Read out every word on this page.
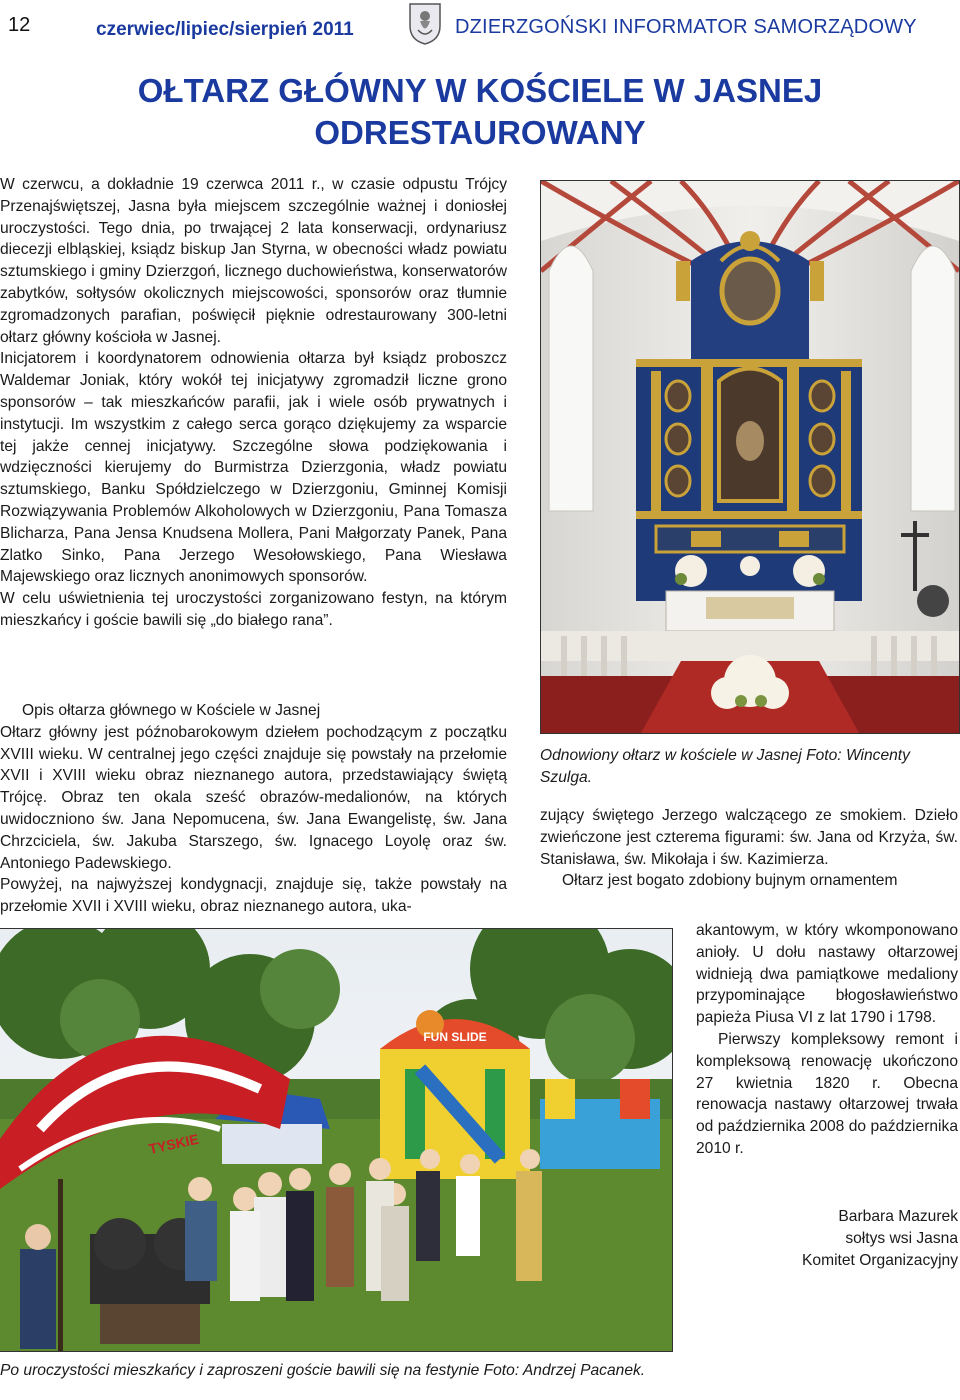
12	czerwiec/lipiec/sierpień 2011	DZIERZGOŃSKI INFORMATOR SAMORZĄDOWY
OŁTARZ GŁÓWNY W KOŚCIELE W JASNEJ
ODRESTAUROWANY

W czerwcu, a dokładnie 19 czerwca 2011 r., w czasie odpustu Trójcy Przenajświętszej, Jasna była miejscem szczególnie ważnej i doniosłej uroczystości. Tego dnia, po trwającej 2 lata konserwacji, ordynariusz diecezji elbląskiej, ksiądz biskup Jan Styrna, w obecności władz powiatu sztumskiego i gminy Dzierzgoń, licznego duchowieństwa, konserwatorów zabytków, sołtysów okolicznych miejscowości, sponsorów oraz tłumnie zgromadzonych parafian, poświęcił pięknie odrestaurowany 300-letni ołtarz główny kościoła w Jasnej.

Inicjatorem i koordynatorem odnowienia ołtarza był ksiądz proboszcz Waldemar Joniak, który wokół tej inicjatywy zgromadził liczne grono sponsorów – tak mieszkańców parafii, jak i wiele osób prywatnych i instytucji. Im wszystkim z całego serca gorąco dziękujemy za wsparcie tej jakże cennej inicjatywy. Szczególne słowa podziękowania i wdzięczności kierujemy do Burmistrza Dzierzgonia, władz powiatu sztumskiego, Banku Spółdzielczego w Dzierzgoniu, Gminnej Komisji Rozwiązywania Problemów Alkoholowych w Dzierzgoniu, Pana Tomasza Blicharza, Pana Jensa Knudsena Mollera, Pani Małgorzaty Panek, Pana Zlatko Sinko, Pana Jerzego Wesołowskiego, Pana Wiesława Majewskiego oraz licznych anonimowych sponsorów.

W celu uświetnienia tej uroczystości zorganizowano festyn, na którym mieszkańcy i goście bawili się „do białego rana”.

Opis ołtarza głównego w Kościele w Jasnej

Ołtarz główny jest późnobarokowym dziełem pochodzącym z początku XVIII wieku. W centralnej jego części znajduje się powstały na przełomie XVII i XVIII wieku obraz nieznanego autora, przedstawiający świętą Trójcę. Obraz ten okala sześć obrazów-medalionów, na których uwidoczniono św. Jana Nepomucena, św. Jana Ewangelistę, św. Jana Chrzciciela, św. Jakuba Starszego, św. Ignacego Loyolę oraz św. Antoniego Padewskiego.

Powyżej, na najwyższej kondygnacji, znajduje się, także powstały na przełomie XVII i XVIII wieku, obraz nieznanego autora, uka-

Odnowiony ołtarz w kościele w Jasnej Foto: Wincenty Szulga.

zujący świętego Jerzego walczącego ze smokiem. Dzieło zwieńczone jest czterema figurami: św. Jana od Krzyża, św. Stanisława, św. Mikołaja i św. Kazimierza.

Ołtarz jest bogato zdobiony bujnym ornamentem

akantowym, w który wkomponowano anioły. U dołu nastawy ołtarzowej widnieją dwa pamiątkowe medaliony przypominające błogosławieństwo papieża Piusa VI z lat 1790 i 1798.

Pierwszy kompleksowy remont i kompleksową renowację ukończono 27 kwietnia 1820 r. Obecna renowacja nastawy ołtarzowej trwała od października 2008 do października 2010 r.

Barbara Mazurek
sołtys wsi Jasna
Komitet Organizacyjny
FUN SLIDE
TYSKIE
Po uroczystości mieszkańcy i zaproszeni goście bawili się na festynie Foto: Andrzej Pacanek.
